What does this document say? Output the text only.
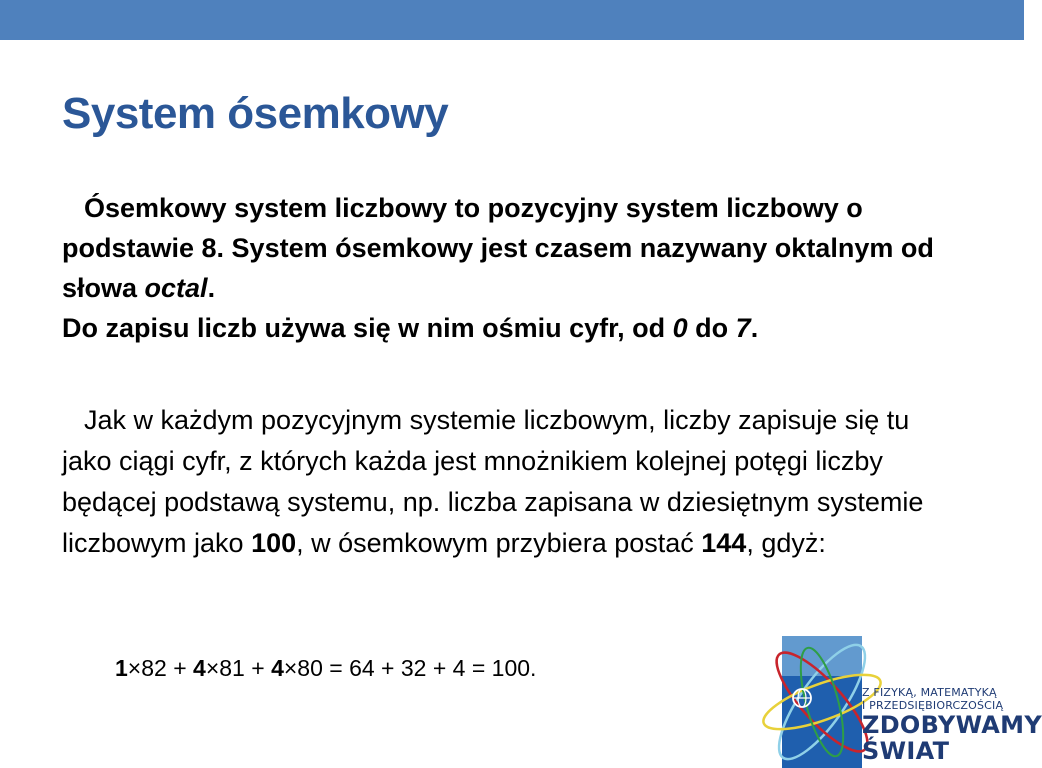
System ósemkowy
Ósemkowy system liczbowy to pozycyjny system liczbowy o podstawie 8. System ósemkowy jest czasem nazywany oktalnym od słowa octal.
Do zapisu liczb używa się w nim ośmiu cyfr, od 0 do 7.
Jak w każdym pozycyjnym systemie liczbowym, liczby zapisuje się tu jako ciągi cyfr, z których każda jest mnożnikiem kolejnej potęgi liczby będącej podstawą systemu, np. liczba zapisana w dziesiętnym systemie liczbowym jako 100, w ósemkowym przybiera postać 144, gdyż:
1×82 + 4×81 + 4×80 = 64 + 32 + 4 = 100.
Z FIZYKĄ, MATEMATYKĄ
I PRZEDSIĘBIORCZOŚCIĄ
ZDOBYWAMY
ŚWIAT
